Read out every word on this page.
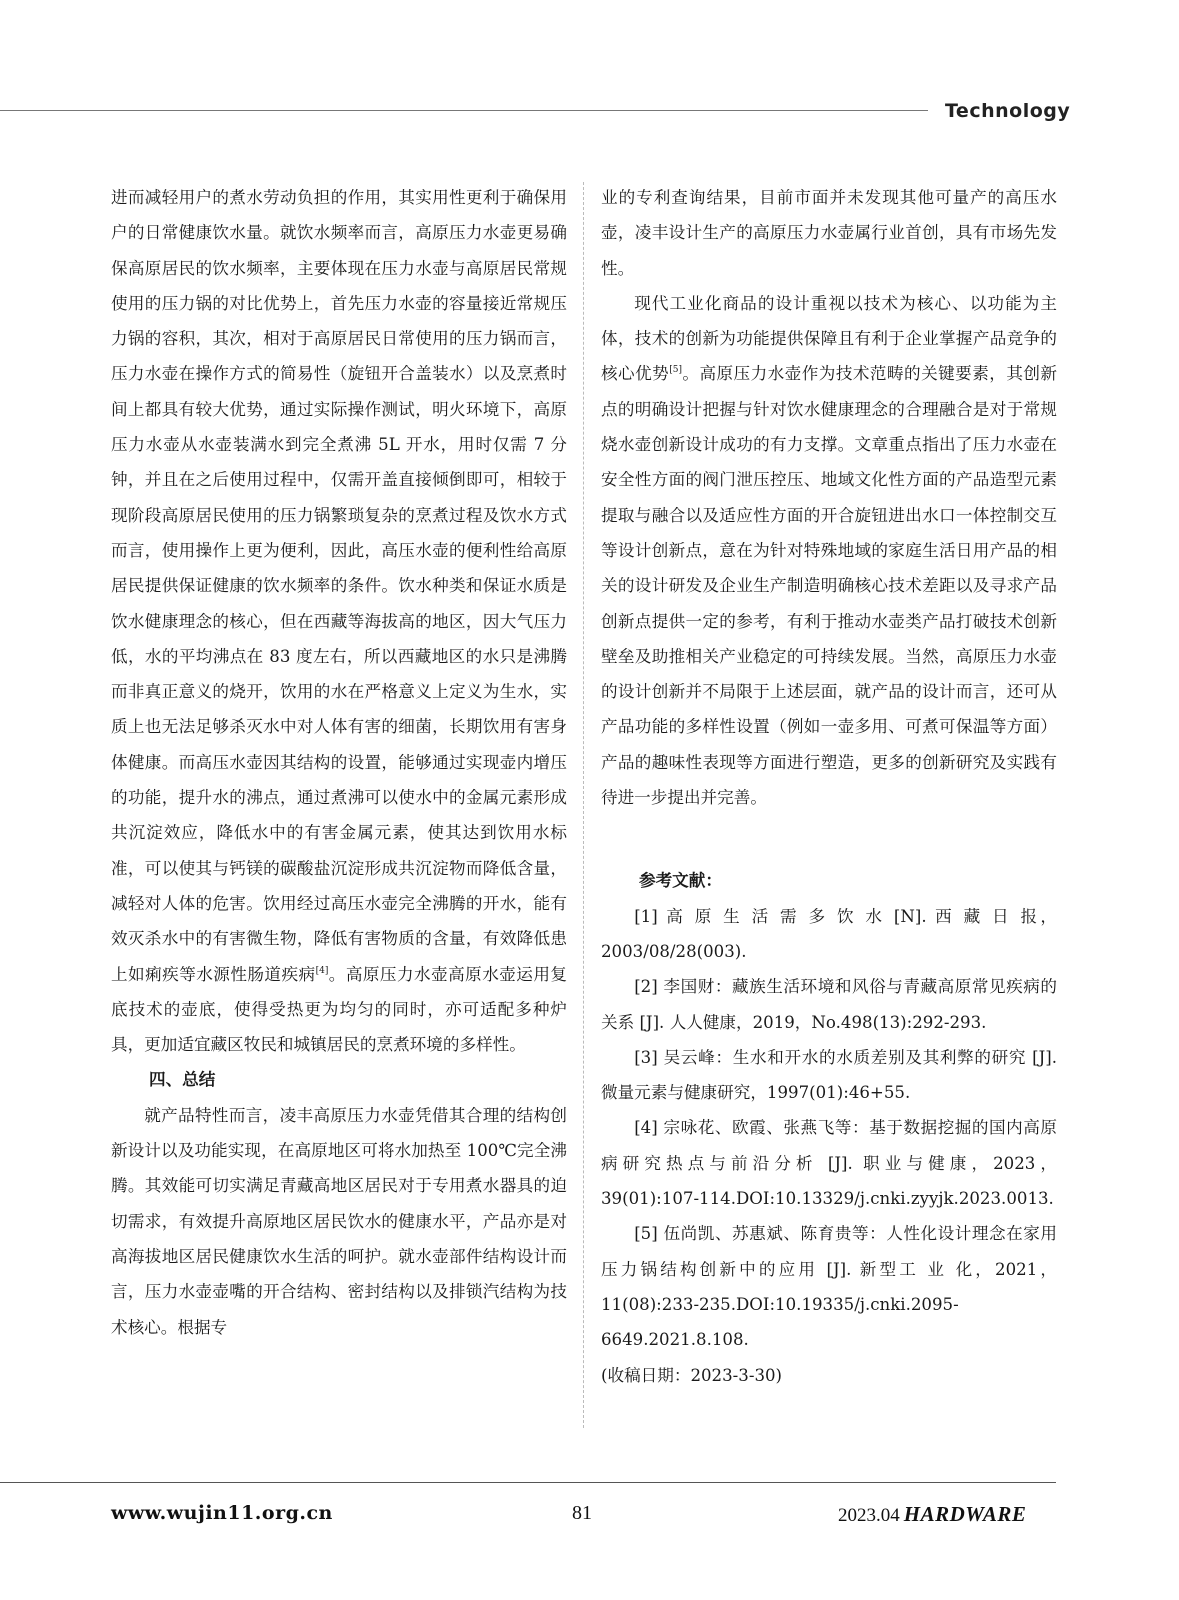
Technology

进而减轻用户的煮水劳动负担的作用，其实用性更利于确保用户的日常健康饮水量。就饮水频率而言，高原压力水壶更易确保高原居民的饮水频率，主要体现在压力水壶与高原居民常规使用的压力锅的对比优势上，首先压力水壶的容量接近常规压力锅的容积，其次，相对于高原居民日常使用的压力锅而言，压力水壶在操作方式的简易性（旋钮开合盖装水）以及烹煮时间上都具有较大优势，通过实际操作测试，明火环境下，高原压力水壶从水壶装满水到完全煮沸 5L 开水，用时仅需 7 分钟，并且在之后使用过程中，仅需开盖直接倾倒即可，相较于现阶段高原居民使用的压力锅繁琐复杂的烹煮过程及饮水方式而言，使用操作上更为便利，因此，高压水壶的便利性给高原居民提供保证健康的饮水频率的条件。饮水种类和保证水质是饮水健康理念的核心，但在西藏等海拔高的地区，因大气压力低，水的平均沸点在 83 度左右，所以西藏地区的水只是沸腾而非真正意义的烧开，饮用的水在严格意义上定义为生水，实质上也无法足够杀灭水中对人体有害的细菌，长期饮用有害身体健康。而高压水壶因其结构的设置，能够通过实现壶内增压的功能，提升水的沸点，通过煮沸可以使水中的金属元素形成共沉淀效应，降低水中的有害金属元素，使其达到饮用水标准，可以使其与钙镁的碳酸盐沉淀形成共沉淀物而降低含量，减轻对人体的危害。饮用经过高压水壶完全沸腾的开水，能有效灭杀水中的有害微生物，降低有害物质的含量，有效降低患上如痢疾等水源性肠道疾病[4]。高原压力水壶高原水壶运用复底技术的壶底，使得受热更为均匀的同时，亦可适配多种炉具，更加适宜藏区牧民和城镇居民的烹煮环境的多样性。

四、总结

就产品特性而言，凌丰高原压力水壶凭借其合理的结构创新设计以及功能实现，在高原地区可将水加热至 100℃完全沸腾。其效能可切实满足青藏高地区居民对于专用煮水器具的迫切需求，有效提升高原地区居民饮水的健康水平，产品亦是对高海拔地区居民健康饮水生活的呵护。就水壶部件结构设计而言，压力水壶壶嘴的开合结构、密封结构以及排锁汽结构为技术核心。根据专

业的专利查询结果，目前市面并未发现其他可量产的高压水壶，凌丰设计生产的高原压力水壶属行业首创，具有市场先发性。

现代工业化商品的设计重视以技术为核心、以功能为主体，技术的创新为功能提供保障且有利于企业掌握产品竞争的核心优势[5]。高原压力水壶作为技术范畴的关键要素，其创新点的明确设计把握与针对饮水健康理念的合理融合是对于常规烧水壶创新设计成功的有力支撑。文章重点指出了压力水壶在安全性方面的阀门泄压控压、地域文化性方面的产品造型元素提取与融合以及适应性方面的开合旋钮进出水口一体控制交互等设计创新点，意在为针对特殊地域的家庭生活日用产品的相关的设计研发及企业生产制造明确核心技术差距以及寻求产品创新点提供一定的参考，有利于推动水壶类产品打破技术创新壁垒及助推相关产业稳定的可持续发展。当然，高原压力水壶的设计创新并不局限于上述层面，就产品的设计而言，还可从产品功能的多样性设置（例如一壶多用、可煮可保温等方面）产品的趣味性表现等方面进行塑造，更多的创新研究及实践有待进一步提出并完善。

参考文献：

[1] 高 原 生 活 需 多 饮 水 [N]. 西 藏 日 报，2003/08/28(003).

[2] 李国财：藏族生活环境和风俗与青藏高原常见疾病的关系 [J]. 人人健康，2019，No.498(13):292-293.

[3] 吴云峰：生水和开水的水质差别及其利弊的研究 [J]. 微量元素与健康研究，1997(01):46+55.

[4] 宗咏花、欧霞、张燕飞等：基于数据挖掘的国内高原病研究热点与前沿分析 [J]. 职业与健康，2023，39(01):107-114.DOI:10.13329/j.cnki.zyyjk.2023.0013.

[5] 伍尚凯、苏惠斌、陈育贵等：人性化设计理念在家用压力锅结构创新中的应用 [J]. 新型工 业 化，2021，11(08):233-235.DOI:10.19335/j.cnki.2095-6649.2021.8.108.

(收稿日期：2023-3-30)

www.wujin11.org.cn	81	2023.04 HARDWARE
